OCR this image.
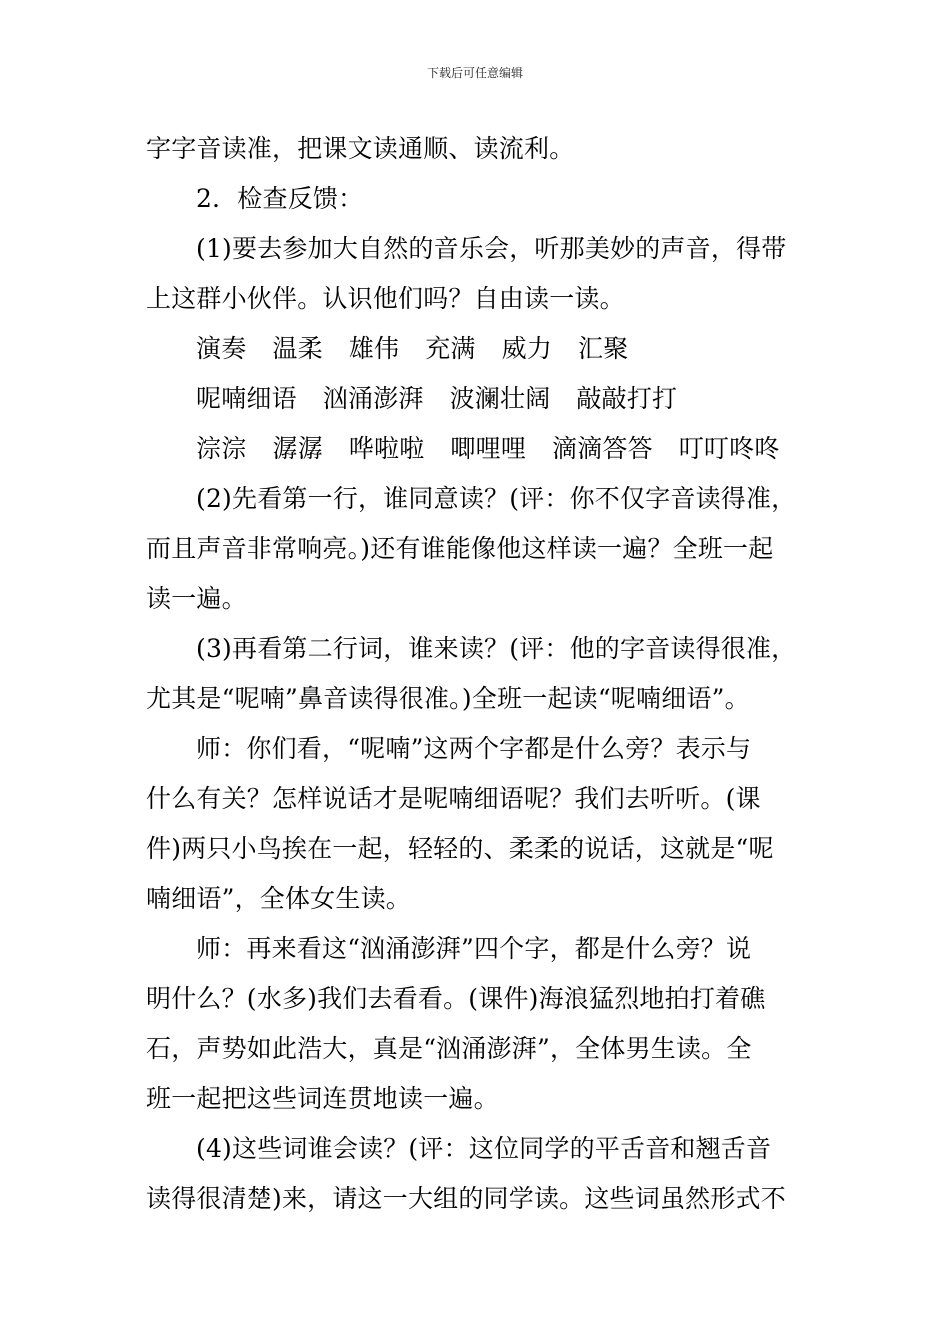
下载后可任意编辑
字字音读准，把课文读通顺、读流利。
2．检查反馈：
(1)要去参加大自然的音乐会，听那美妙的声音，得带
上这群小伙伴。认识他们吗？自由读一读。
演奏 温柔 雄伟 充满 威力 汇聚
呢喃细语 汹涌澎湃 波澜壮阔 敲敲打打
淙淙 潺潺 哗啦啦 唧哩哩 滴滴答答 叮叮咚咚
(2)先看第一行，谁同意读？(评：你不仅字音读得准，
而且声音非常响亮。)还有谁能像他这样读一遍？全班一起
读一遍。
(3)再看第二行词，谁来读？(评：他的字音读得很准，
尤其是“呢喃”鼻音读得很准。)全班一起读“呢喃细语”。
师：你们看，“呢喃”这两个字都是什么旁？表示与
什么有关？怎样说话才是呢喃细语呢？我们去听听。(课
件)两只小鸟挨在一起，轻轻的、柔柔的说话，这就是“呢
喃细语”，全体女生读。
师：再来看这“汹涌澎湃”四个字，都是什么旁？说
明什么？(水多)我们去看看。(课件)海浪猛烈地拍打着礁
石，声势如此浩大，真是“汹涌澎湃”，全体男生读。全
班一起把这些词连贯地读一遍。
(4)这些词谁会读？(评：这位同学的平舌音和翘舌音
读得很清楚)来，请这一大组的同学读。这些词虽然形式不
